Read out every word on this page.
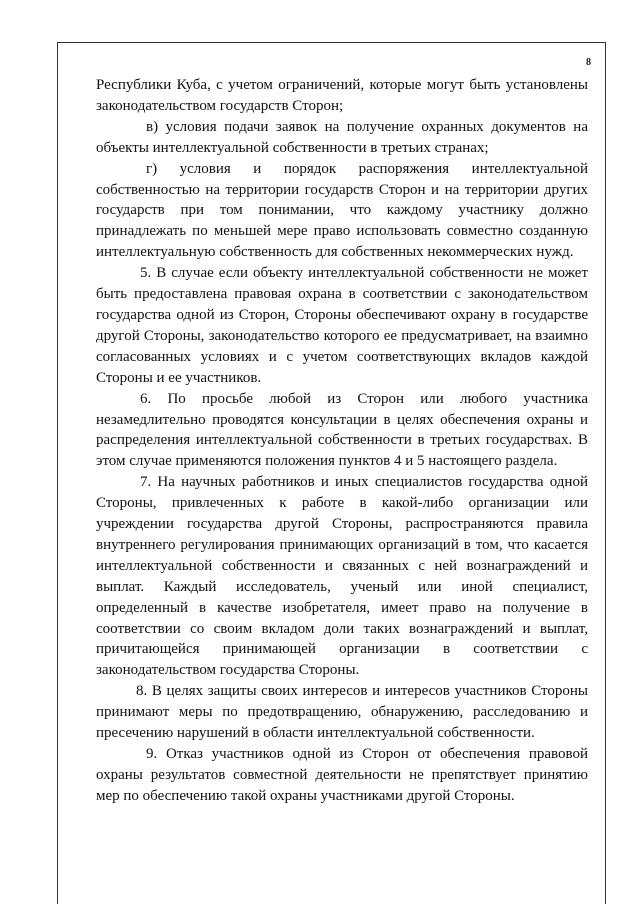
8

Республики Куба, с учетом ограничений, которые могут быть установлены законодательством государств Сторон;

в) условия подачи заявок на получение охранных документов на объекты интеллектуальной собственности в третьих странах;

г) условия и порядок распоряжения интеллектуальной собственностью на территории государств Сторон и на территории других государств при том понимании, что каждому участнику должно принадлежать по меньшей мере право использовать совместно созданную интеллектуальную собственность для собственных некоммерческих нужд.

5. В случае если объекту интеллектуальной собственности не может быть предоставлена правовая охрана в соответствии с законодательством государства одной из Сторон, Стороны обеспечивают охрану в государстве другой Стороны, законодательство которого ее предусматривает, на взаимно согласованных условиях и с учетом соответствующих вкладов каждой Стороны и ее участников.

6. По просьбе любой из Сторон или любого участника незамедлительно проводятся консультации в целях обеспечения охраны и распределения интеллектуальной собственности в третьих государствах. В этом случае применяются положения пунктов 4 и 5 настоящего раздела.

7. На научных работников и иных специалистов государства одной Стороны, привлеченных к работе в какой-либо организации или учреждении государства другой Стороны, распространяются правила внутреннего регулирования принимающих организаций в том, что касается интеллектуальной собственности и связанных с ней вознаграждений и выплат. Каждый исследователь, ученый или иной специалист, определенный в качестве изобретателя, имеет право на получение в соответствии со своим вкладом доли таких вознаграждений и выплат, причитающейся принимающей организации в соответствии с законодательством государства Стороны.

8. В целях защиты своих интересов и интересов участников Стороны принимают меры по предотвращению, обнаружению, расследованию и пресечению нарушений в области интеллектуальной собственности.

9. Отказ участников одной из Сторон от обеспечения правовой охраны результатов совместной деятельности не препятствует принятию мер по обеспечению такой охраны участниками другой Стороны.
